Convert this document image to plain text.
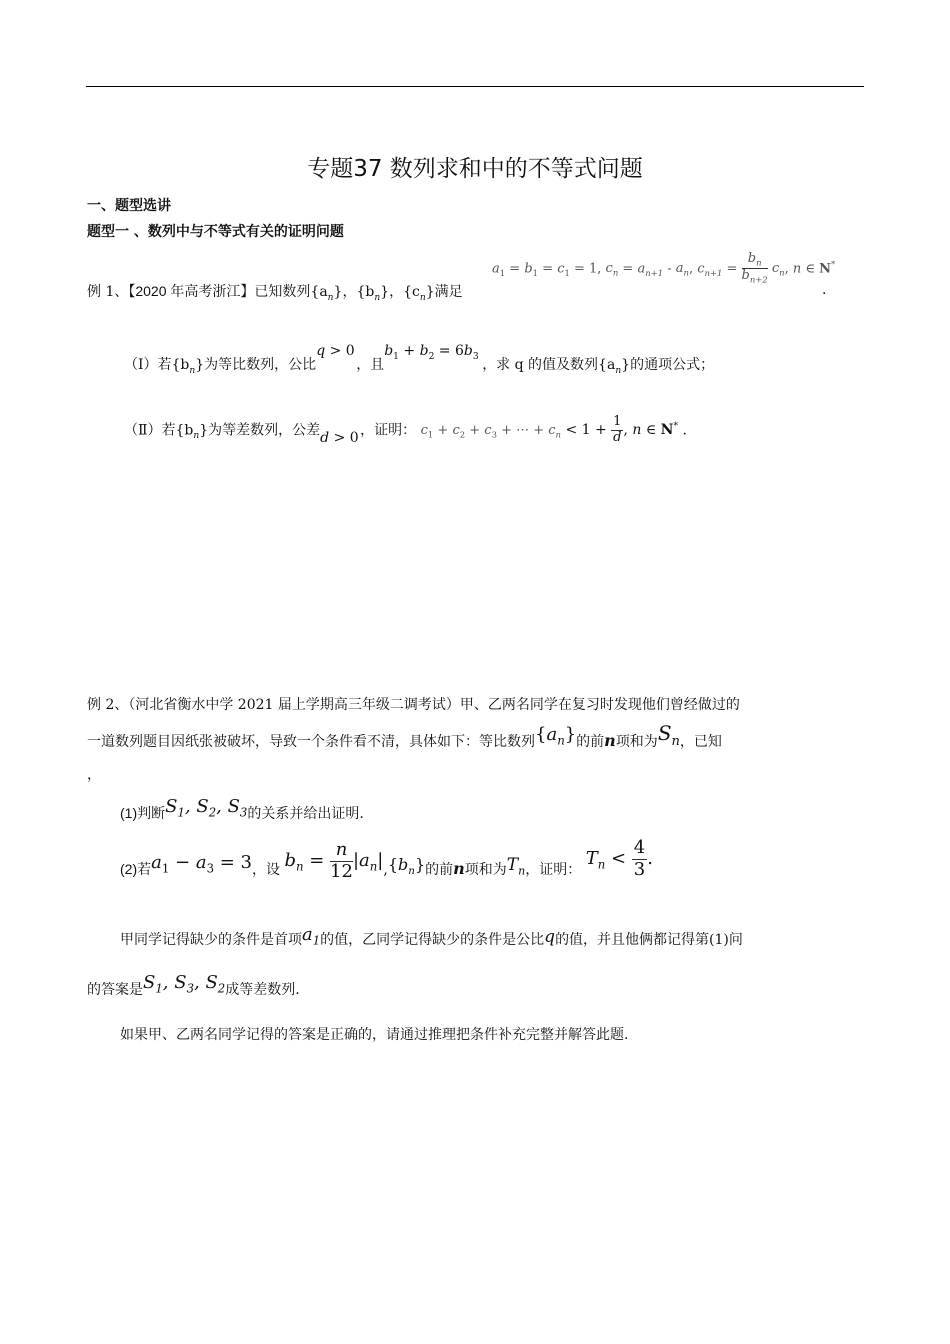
专题37 数列求和中的不等式问题
一、题型选讲
题型一 、数列中与不等式有关的证明问题
例 1、【2020 年高考浙江】已知数列$\{a_n\}$，$\{b_n\}$，$\{c_n\}$满足
$a_1 = b_1 = c_1 = 1$, $c_n = a_{n+1} - a_n$, $c_{n+1} = \frac{b_n}{b_{n+2}} c_n$, n ∈ N*
.
（Ⅰ）若$\{b_n\}$为等比数列，公比q > 0，且$b_1 + b_2 = 6b_3$，求 q 的值及数列$\{a_n\}$的通项公式；
（Ⅱ）若$\{b_n\}$为等差数列，公差d > 0，证明： $c_1 + c_2 + c_3$ + ⋯ + $c_n < 1 + \frac{1}{d}$ , n ∈ N* .
例 2、（河北省衡水中学 2021 届上学期高三年级二调考试）甲、乙两名同学在复习时发现他们曾经做过的
一道数列题目因纸张被破坏，导致一个条件看不清，具体如下：等比数列$\{a_n\}$的前n项和为$S_n$，已知
，
(1)判断$S_1$, $S_2$, $S_3$的关系并给出证明.
(2)若$a_1 - a_3 = 3$，设 $b_n = \frac{n}{12} |a_n|,\{b_n\}$的前n项和为$T_n$，证明： $T_n < \frac{4}{3}$ .
甲同学记得缺少的条件是首项$a_1$的值，乙同学记得缺少的条件是公比q的值，并且他俩都记得第(1)问
的答案是$S_1$, $S_3$, $S_2$成等差数列.
如果甲、乙两名同学记得的答案是正确的，请通过推理把条件补充完整并解答此题.
